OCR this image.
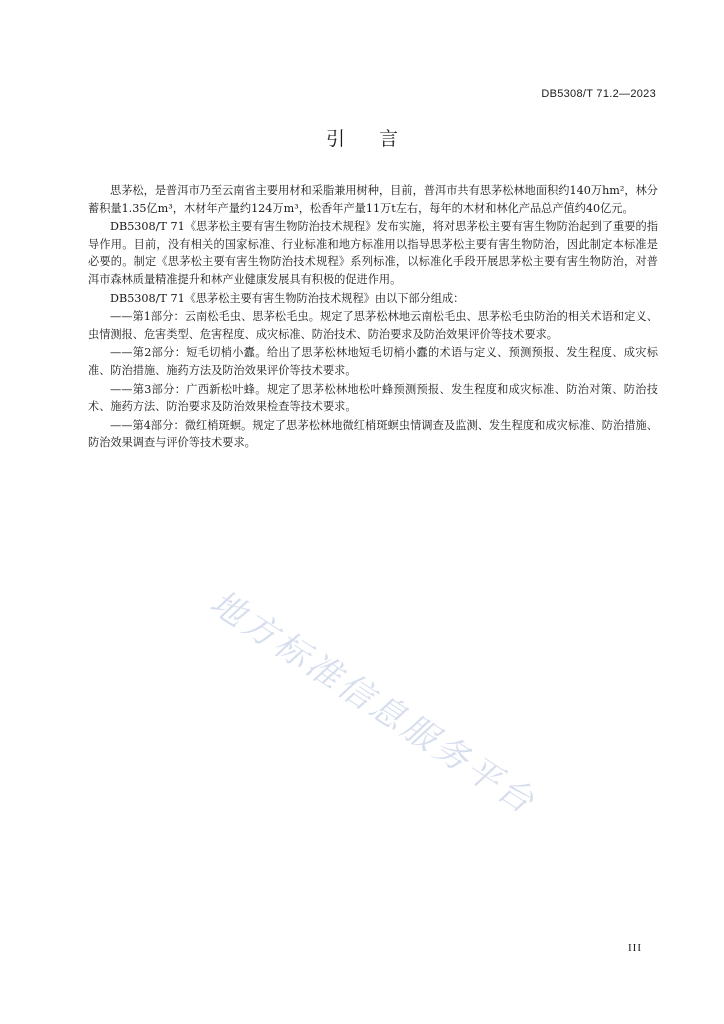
DB5308/T 71.2—2023
引言

思茅松，是普洱市乃至云南省主要用材和采脂兼用树种，目前，普洱市共有思茅松林地面积约140万hm²，林分蓄积量1.35亿m³，木材年产量约124万m³，松香年产量11万t左右，每年的木材和林化产品总产值约40亿元。

DB5308/T 71《思茅松主要有害生物防治技术规程》发布实施，将对思茅松主要有害生物防治起到了重要的指导作用。目前，没有相关的国家标准、行业标准和地方标准用以指导思茅松主要有害生物防治，因此制定本标准是必要的。制定《思茅松主要有害生物防治技术规程》系列标准，以标准化手段开展思茅松主要有害生物防治，对普洱市森林质量精准提升和林产业健康发展具有积极的促进作用。

DB5308/T 71《思茅松主要有害生物防治技术规程》由以下部分组成：

——第1部分：云南松毛虫、思茅松毛虫。规定了思茅松林地云南松毛虫、思茅松毛虫防治的相关术语和定义、虫情测报、危害类型、危害程度、成灾标准、防治技术、防治要求及防治效果评价等技术要求。

——第2部分：短毛切梢小蠹。给出了思茅松林地短毛切梢小蠹的术语与定义、预测预报、发生程度、成灾标准、防治措施、施药方法及防治效果评价等技术要求。

——第3部分：广西新松叶蜂。规定了思茅松林地松叶蜂预测预报、发生程度和成灾标准、防治对策、防治技术、施药方法、防治要求及防治效果检查等技术要求。

——第4部分：微红梢斑螟。规定了思茅松林地微红梢斑螟虫情调查及监测、发生程度和成灾标准、防治措施、防治效果调查与评价等技术要求。

地方标准信息服务平台
III
